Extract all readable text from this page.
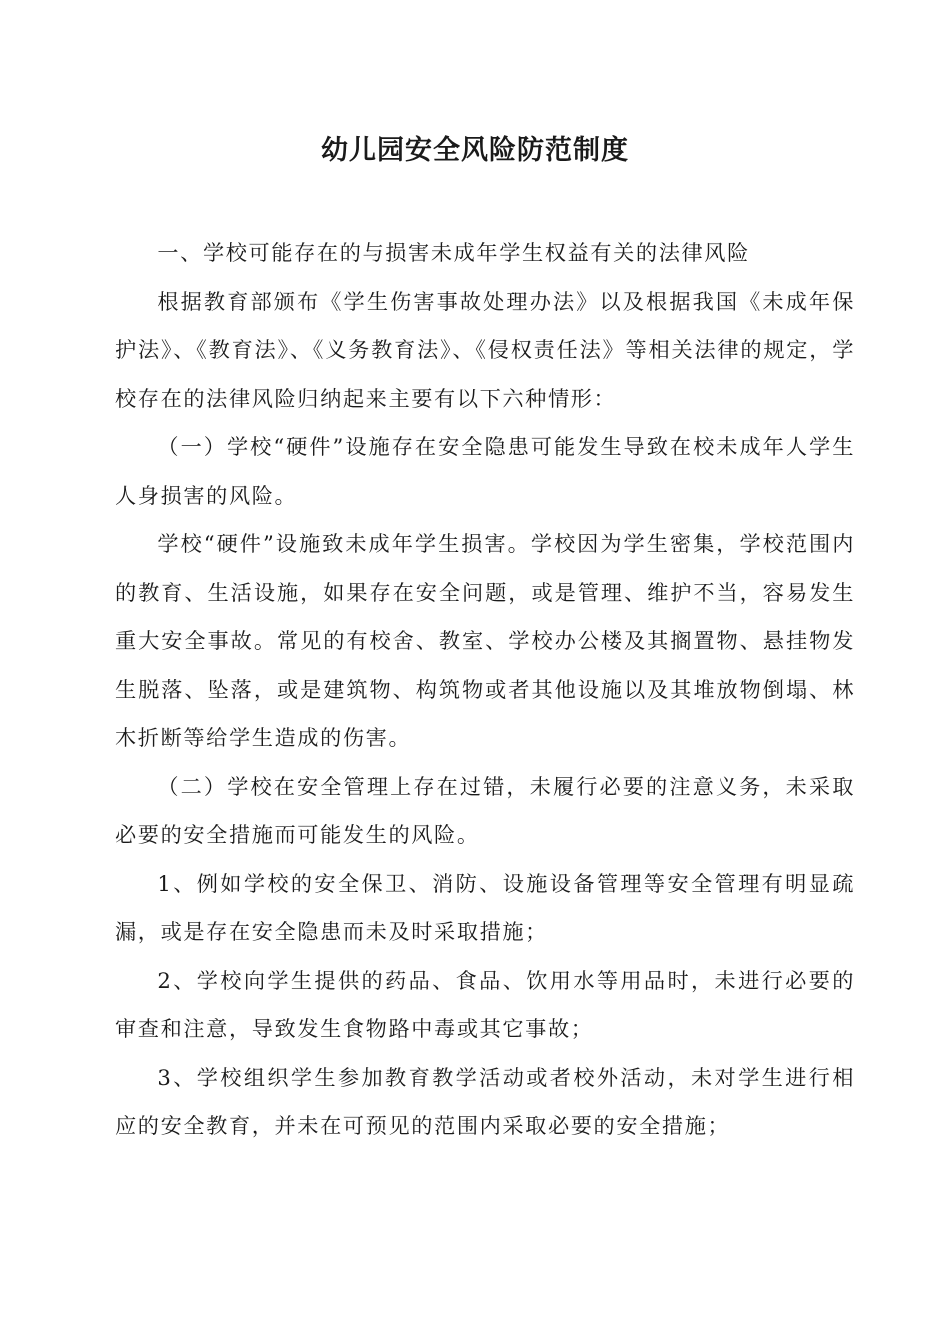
幼儿园安全风险防范制度

一、学校可能存在的与损害未成年学生权益有关的法律风险

根据教育部颁布《学生伤害事故处理办法》以及根据我国《未成年保护法》、《教育法》、《义务教育法》、《侵权责任法》等相关法律的规定，学校存在的法律风险归纳起来主要有以下六种情形：

（一）学校“硬件”设施存在安全隐患可能发生导致在校未成年人学生人身损害的风险。

学校“硬件”设施致未成年学生损害。学校因为学生密集，学校范围内的教育、生活设施，如果存在安全问题，或是管理、维护不当，容易发生重大安全事故。常见的有校舍、教室、学校办公楼及其搁置物、悬挂物发生脱落、坠落，或是建筑物、构筑物或者其他设施以及其堆放物倒塌、林木折断等给学生造成的伤害。

（二）学校在安全管理上存在过错，未履行必要的注意义务，未采取必要的安全措施而可能发生的风险。

1、例如学校的安全保卫、消防、设施设备管理等安全管理有明显疏漏，或是存在安全隐患而未及时采取措施；

2、学校向学生提供的药品、食品、饮用水等用品时，未进行必要的审查和注意，导致发生食物路中毒或其它事故；

3、学校组织学生参加教育教学活动或者校外活动，未对学生进行相应的安全教育，并未在可预见的范围内采取必要的安全措施；
